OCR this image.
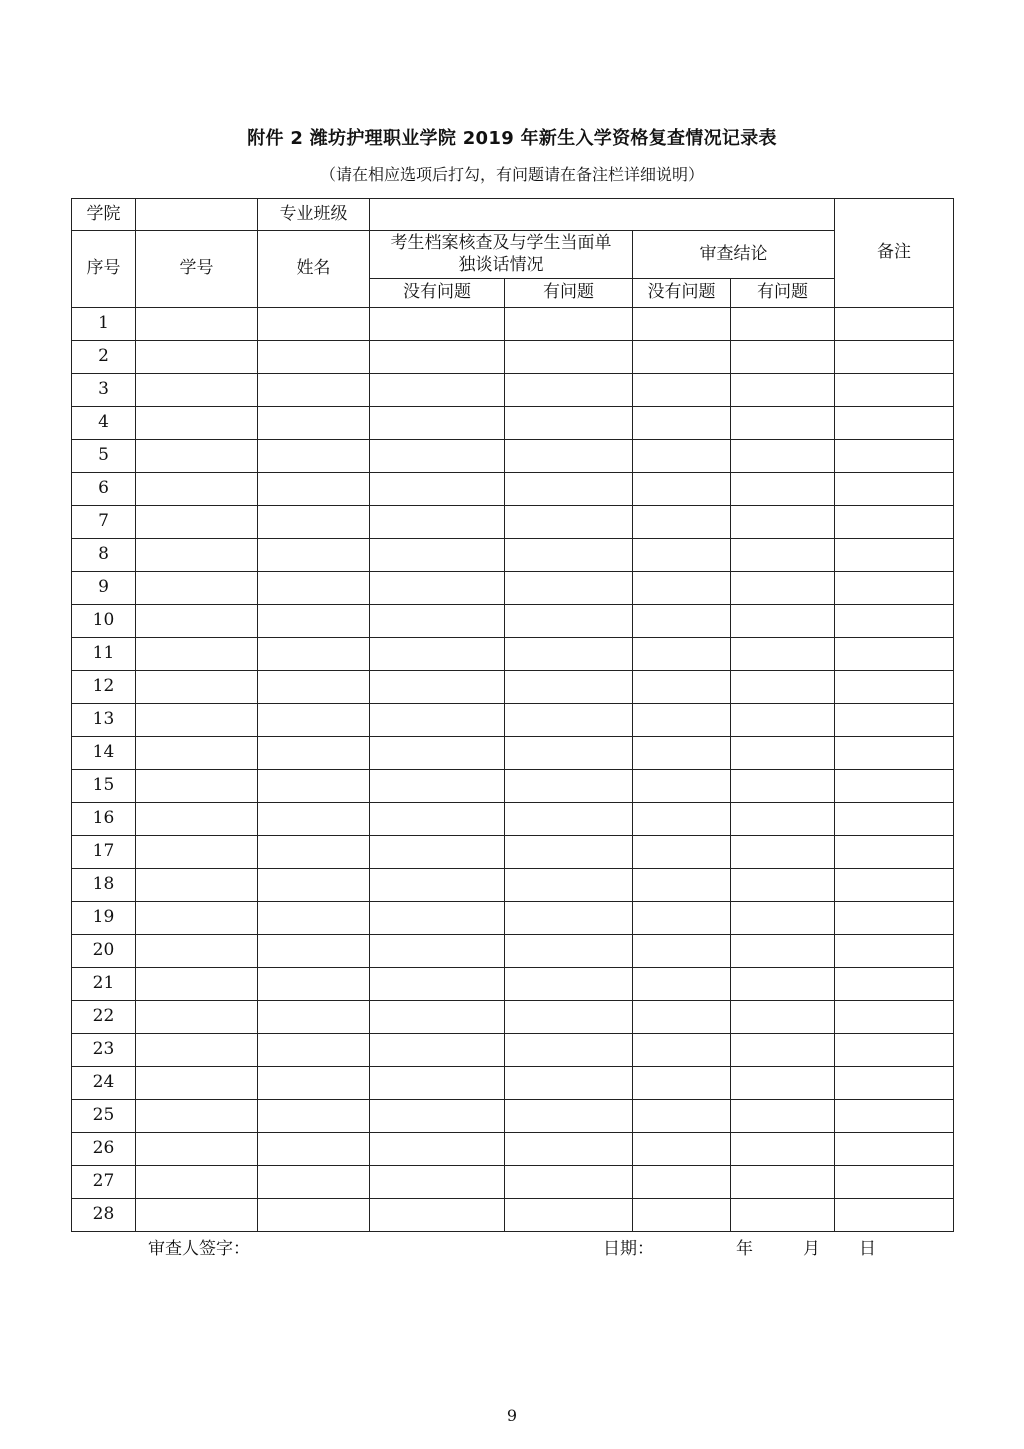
附件 2 潍坊护理职业学院 2019 年新生入学资格复查情况记录表
（请在相应选项后打勾，有问题请在备注栏详细说明）
学院		专业班级					备注
序号	学号	姓名	考生档案核查及与学生当面单独谈话情况		审查结论		
			没有问题	有问题	没有问题	有问题	
1							
2							
3							
4							
5							
6							
7							
8							
9							
10							
11							
12							
13							
14							
15							
16							
17							
18							
19							
20							
21							
22							
23							
24							
25							
26							
27							
28							
审查人签字：	日期：	年	月 日
9
